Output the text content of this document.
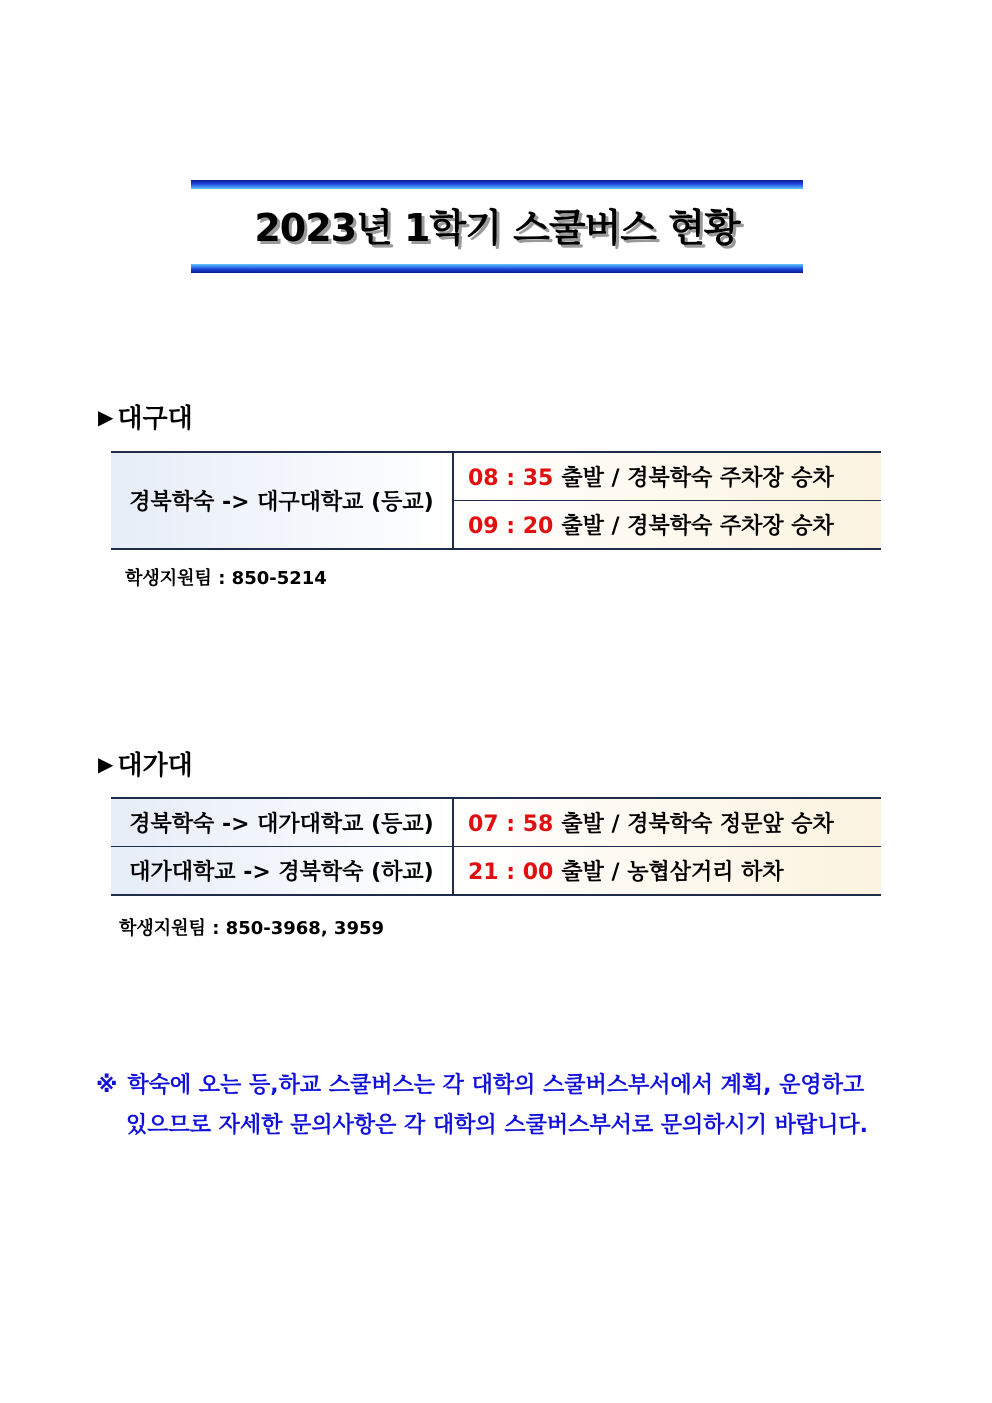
2023년 1학기 스쿨버스 현황
▶ 대구대
경북학숙 -> 대구대학교 (등교)	08 : 35 출발 / 경북학숙 주차장 승차
09 : 20 출발 / 경북학숙 주차장 승차
학생지원팀 : 850-5214
▶ 대가대
경북학숙 -> 대가대학교 (등교)	07 : 58 출발 / 경북학숙 정문앞 승차
대가대학교 -> 경북학숙 (하교)	21 : 00 출발 / 농협삼거리 하차
학생지원팀 : 850-3968, 3959
※ 학숙에 오는 등,하교 스쿨버스는 각 대학의 스쿨버스부서에서 계획, 운영하고
있으므로 자세한 문의사항은 각 대학의 스쿨버스부서로 문의하시기 바랍니다.
